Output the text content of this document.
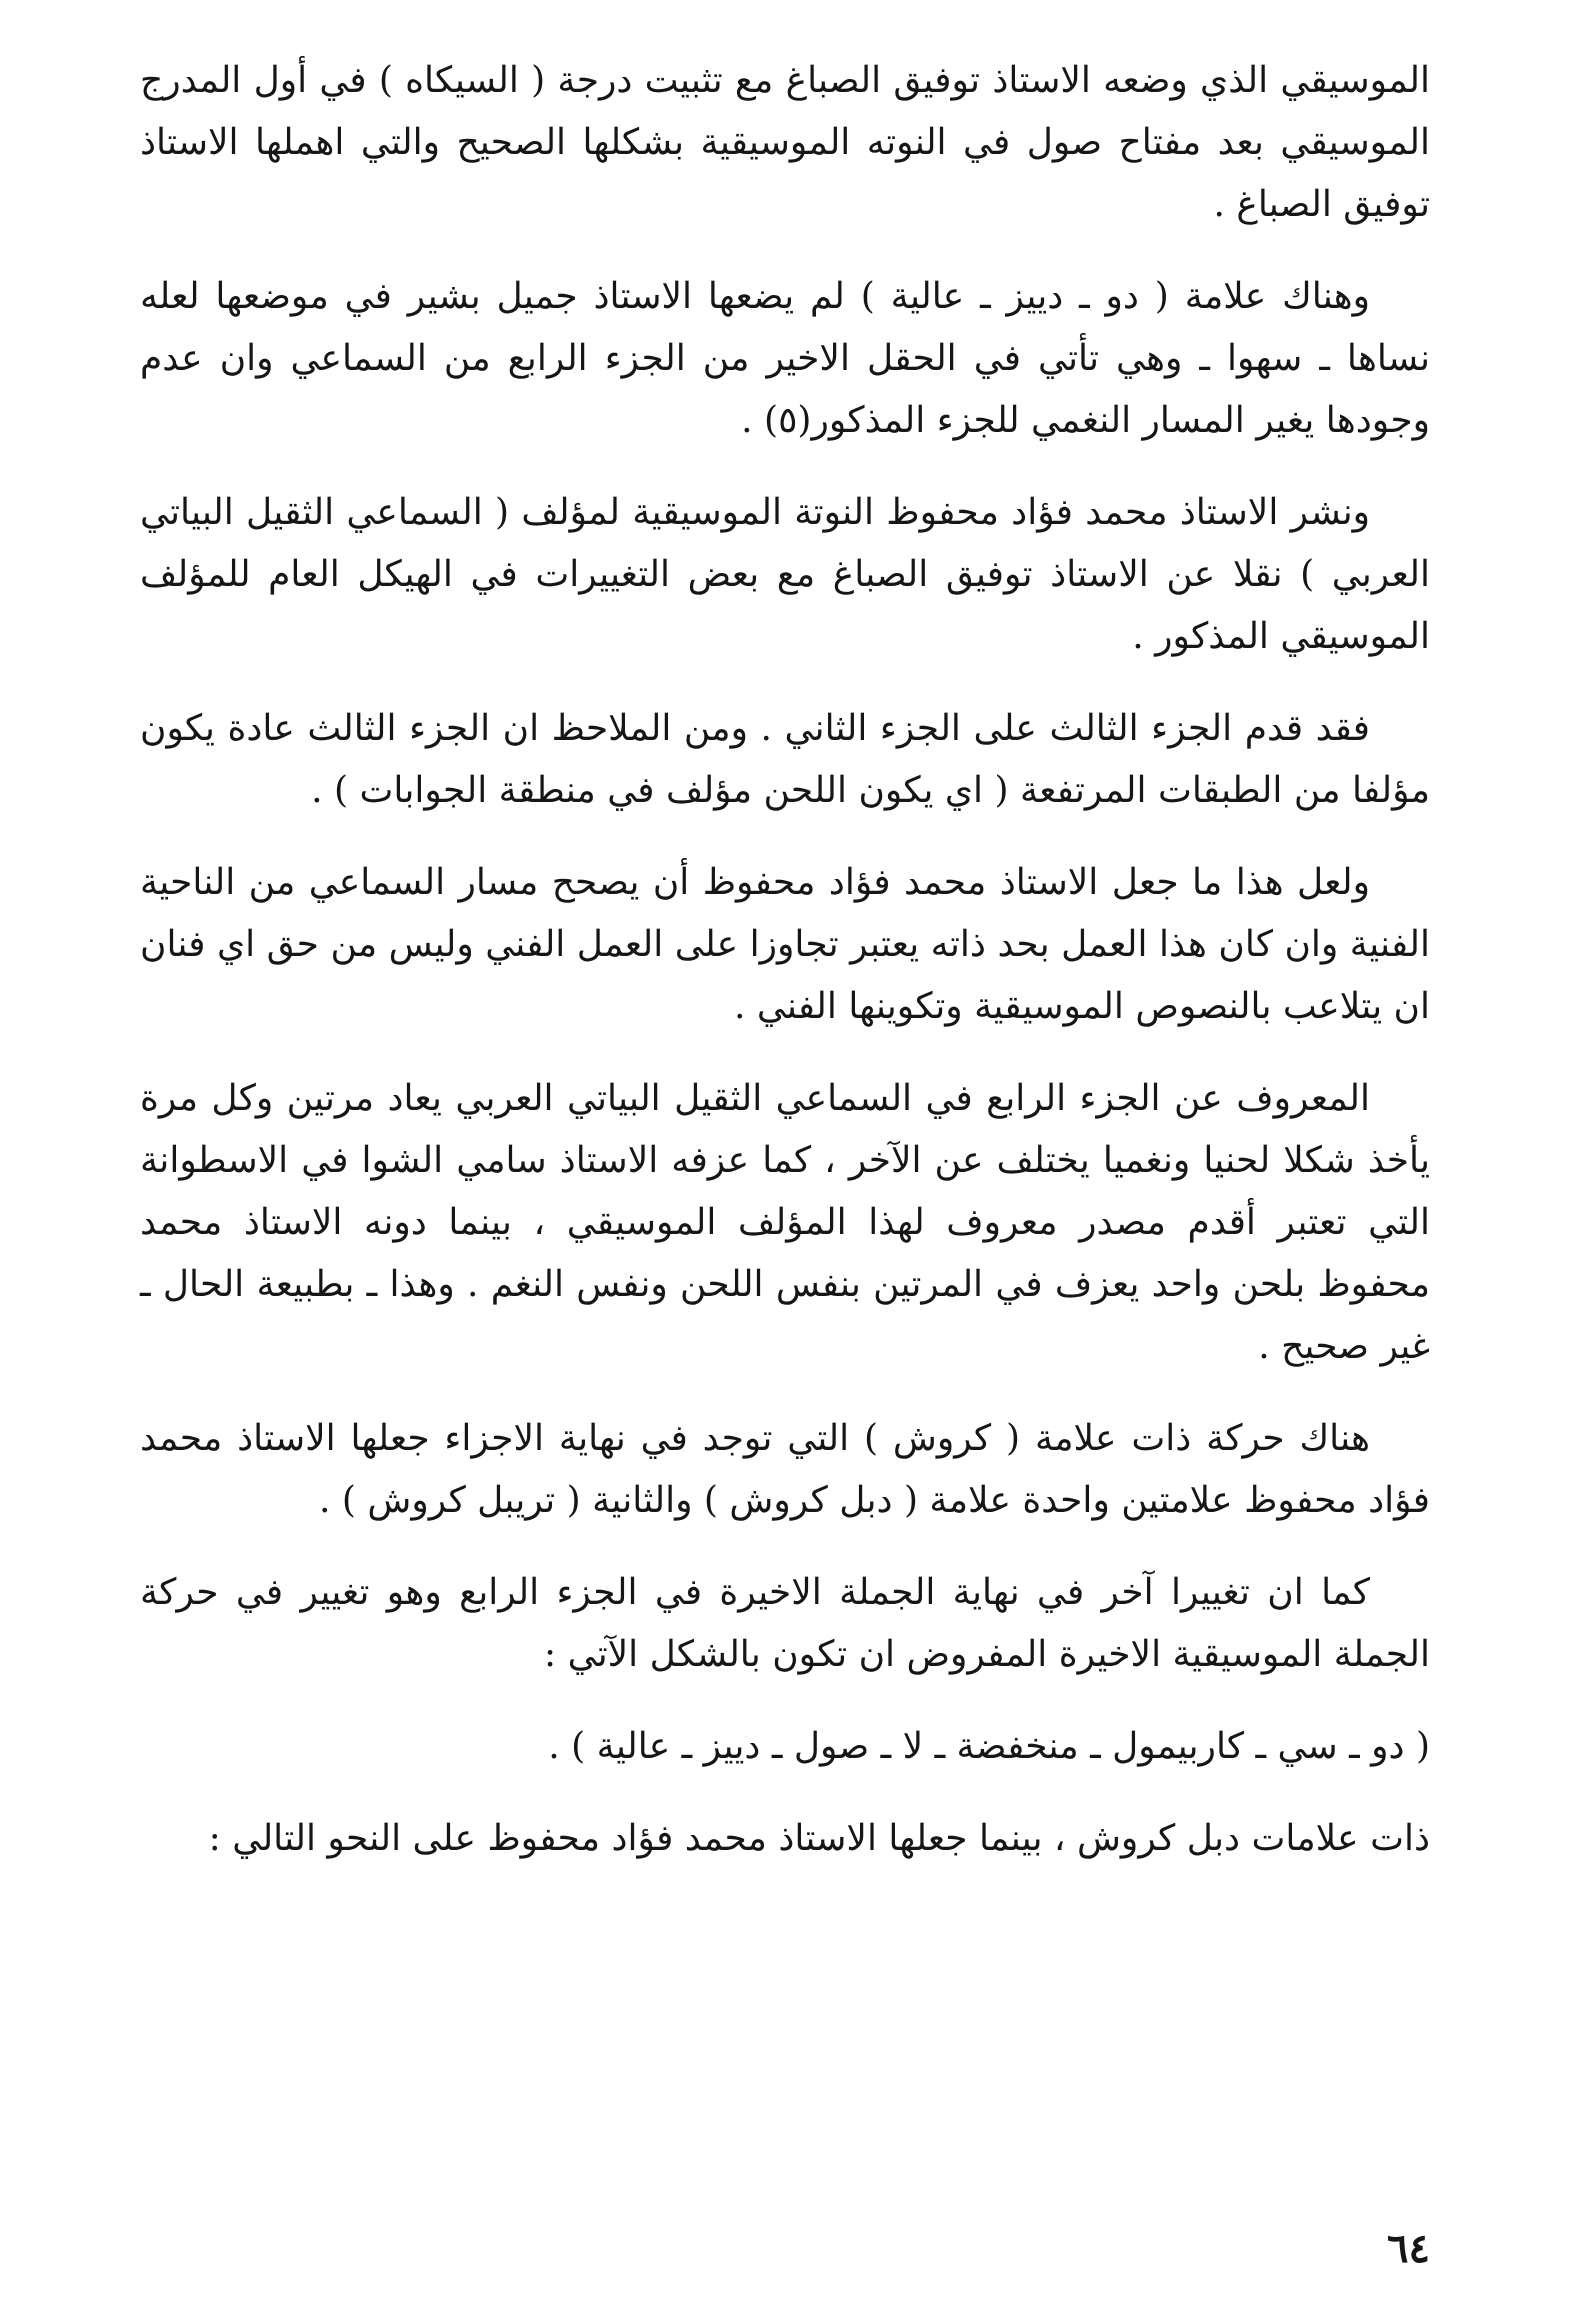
الموسيقي الذي وضعه الاستاذ توفيق الصباغ مع تثبيت درجة ( السيكاه ) في أول المدرج الموسيقي بعد مفتاح صول في النوته الموسيقية بشكلها الصحيح والتي اهملها الاستاذ توفيق الصباغ .

وهناك علامة ( دو ـ دييز ـ عالية ) لم يضعها الاستاذ جميل بشير في موضعها لعله نساها ـ سهوا ـ وهي تأتي في الحقل الاخير من الجزء الرابع من السماعي وان عدم وجودها يغير المسار النغمي للجزء المذكور(٥) .

ونشر الاستاذ محمد فؤاد محفوظ النوتة الموسيقية لمؤلف ( السماعي الثقيل البياتي العربي ) نقلا عن الاستاذ توفيق الصباغ مع بعض التغييرات في الهيكل العام للمؤلف الموسيقي المذكور .

فقد قدم الجزء الثالث على الجزء الثاني . ومن الملاحظ ان الجزء الثالث عادة يكون مؤلفا من الطبقات المرتفعة ( اي يكون اللحن مؤلف في منطقة الجوابات ) .

ولعل هذا ما جعل الاستاذ محمد فؤاد محفوظ أن يصحح مسار السماعي من الناحية الفنية وان كان هذا العمل بحد ذاته يعتبر تجاوزا على العمل الفني وليس من حق اي فنان ان يتلاعب بالنصوص الموسيقية وتكوينها الفني .

المعروف عن الجزء الرابع في السماعي الثقيل البياتي العربي يعاد مرتين وكل مرة يأخذ شكلا لحنيا ونغميا يختلف عن الآخر ، كما عزفه الاستاذ سامي الشوا في الاسطوانة التي تعتبر أقدم مصدر معروف لهذا المؤلف الموسيقي ، بينما دونه الاستاذ محمد محفوظ بلحن واحد يعزف في المرتين بنفس اللحن ونفس النغم . وهذا ـ بطبيعة الحال ـ غير صحيح .

هناك حركة ذات علامة ( كروش ) التي توجد في نهاية الاجزاء جعلها الاستاذ محمد فؤاد محفوظ علامتين واحدة علامة ( دبل كروش ) والثانية ( تريبل كروش ) .

كما ان تغييرا آخر في نهاية الجملة الاخيرة في الجزء الرابع وهو تغيير في حركة الجملة الموسيقية الاخيرة المفروض ان تكون بالشكل الآتي :

( دو ـ سي ـ كاربيمول ـ منخفضة ـ لا ـ صول ـ دييز ـ عالية ) .

ذات علامات دبل كروش ، بينما جعلها الاستاذ محمد فؤاد محفوظ على النحو التالي :

٦٤
